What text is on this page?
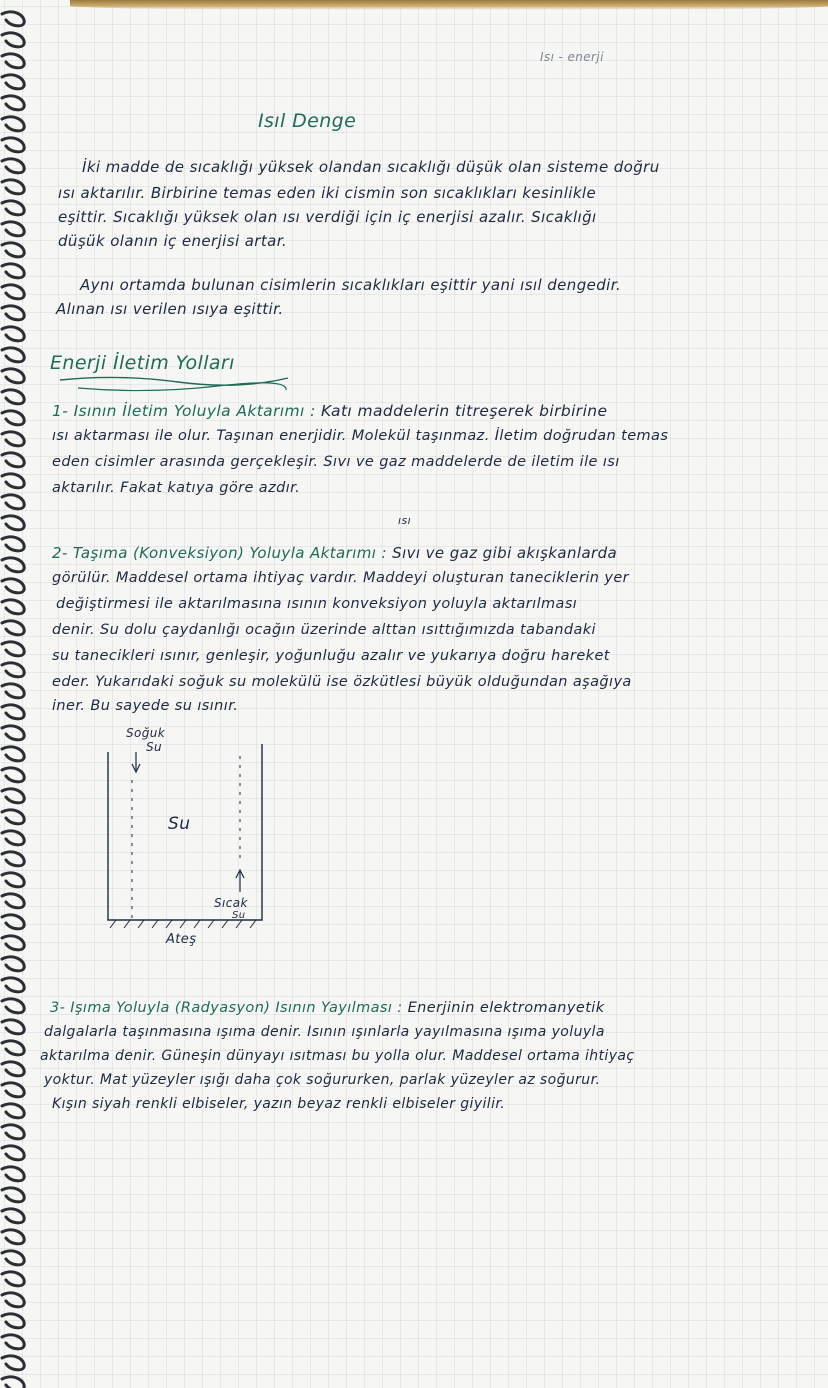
Isı - enerji
Isıl Denge
İki madde de sıcaklığı yüksek olandan sıcaklığı düşük olan sisteme doğru
ısı aktarılır. Birbirine temas eden iki cismin son sıcaklıkları kesinlikle
eşittir. Sıcaklığı yüksek olan ısı verdiği için iç enerjisi azalır. Sıcaklığı
düşük olanın iç enerjisi artar.
Aynı ortamda bulunan cisimlerin sıcaklıkları eşittir yani ısıl dengedir.
Alınan ısı verilen ısıya eşittir.
Enerji İletim Yolları
1- Isının İletim Yoluyla Aktarımı : Katı maddelerin titreşerek birbirine
ısı aktarması ile olur. Taşınan enerjidir. Molekül taşınmaz. İletim doğrudan temas
eden cisimler arasında gerçekleşir. Sıvı ve gaz maddelerde de iletim ile ısı
aktarılır. Fakat katıya göre azdır.
ısı
2- Taşıma (Konveksiyon) Yoluyla Aktarımı : Sıvı ve gaz gibi akışkanlarda
görülür. Maddesel ortama ihtiyaç vardır. Maddeyi oluşturan taneciklerin yer
değiştirmesi ile aktarılmasına ısının konveksiyon yoluyla aktarılması
denir. Su dolu çaydanlığı ocağın üzerinde alttan ısıttığımızda tabandaki
su tanecikleri ısınır, genleşir, yoğunluğu azalır ve yukarıya doğru hareket
eder. Yukarıdaki soğuk su molekülü ise özkütlesi büyük olduğundan aşağıya
iner. Bu sayede su ısınır.
Soğuk
Su
Su
Sıcak
Su
Ateş
3- Işıma Yoluyla (Radyasyon) Isının Yayılması : Enerjinin elektromanyetik
dalgalarla taşınmasına ışıma denir. Isının ışınlarla yayılmasına ışıma yoluyla
aktarılma denir. Güneşin dünyayı ısıtması bu yolla olur. Maddesel ortama ihtiyaç
yoktur. Mat yüzeyler ışığı daha çok soğururken, parlak yüzeyler az soğurur.
Kışın siyah renkli elbiseler, yazın beyaz renkli elbiseler giyilir.
